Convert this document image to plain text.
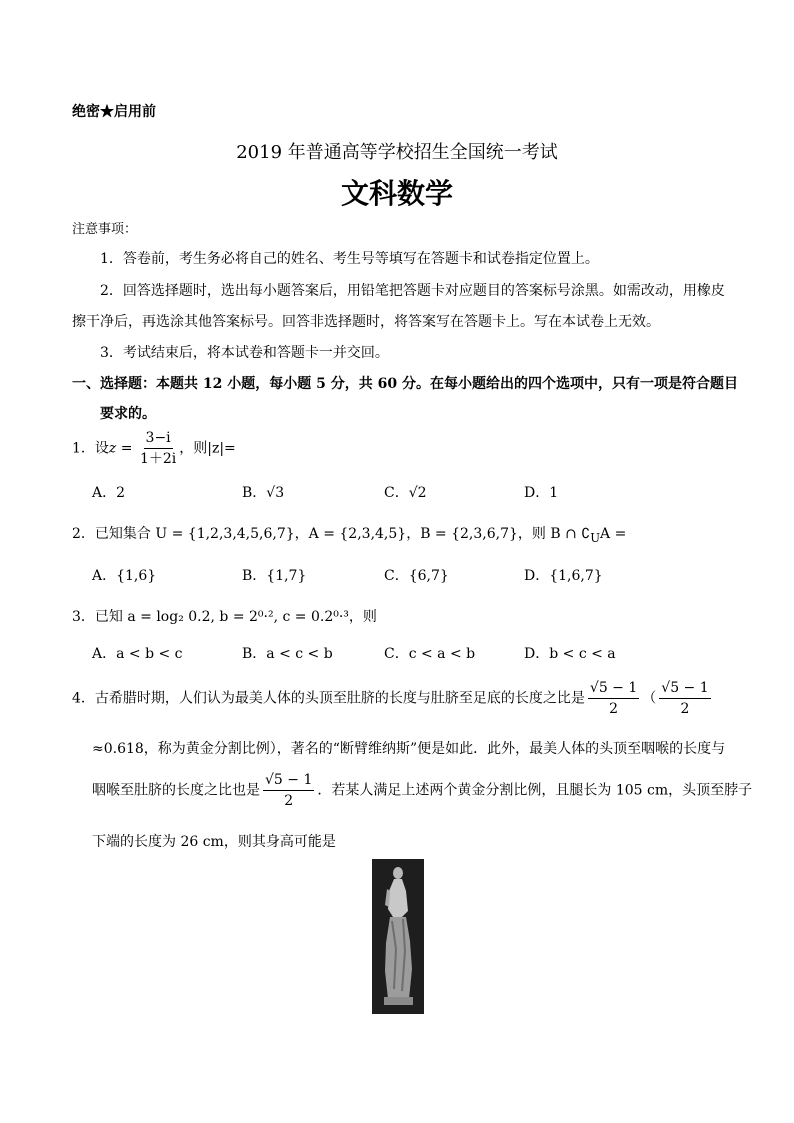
绝密★启用前
2019 年普通高等学校招生全国统一考试
文科数学
注意事项：
1．答卷前，考生务必将自己的姓名、考生号等填写在答题卡和试卷指定位置上。
2．回答选择题时，选出每小题答案后，用铅笔把答题卡对应题目的答案标号涂黑。如需改动，用橡皮
擦干净后，再选涂其他答案标号。回答非选择题时，将答案写在答题卡上。写在本试卷上无效。
3．考试结束后，将本试卷和答题卡一并交回。
一、选择题：本题共 12 小题，每小题 5 分，共 60 分。在每小题给出的四个选项中，只有一项是符合题目
要求的。
1．设$z = \frac{3-i}{1+2i}$ ，则|z|=
A．2	B．√3	C．√2	D．1
2．已知集合 U = {1,2,3,4,5,6,7}，A = {2,3,4,5}，B = {2,3,6,7}，则 B ∩ $∁_UA$ =
A．{1,6}	B．{1,7}	C．{6,7}	D．{1,6,7}
3．已知 a = log₂ 0.2, b = 2⁰·², c = 0.2⁰·³，则
A．a < b < c	B．a < c < b	C．c < a < b	D．b < c < a
4．古希腊时期，人们认为最美人体的头顶至肚脐的长度与肚脐至足底的长度之比是 $\frac{√5 - 1}{2}$ （ $\frac{√5 - 1}{2}$
≈0.618，称为黄金分割比例），著名的“断臂维纳斯”便是如此．此外，最美人体的头顶至咽喉的长度与
咽喉至肚脐的长度之比也是 $\frac{√5 - 1}{2}$ ．若某人满足上述两个黄金分割比例，且腿长为 105 cm，头顶至脖子
下端的长度为 26 cm，则其身高可能是
